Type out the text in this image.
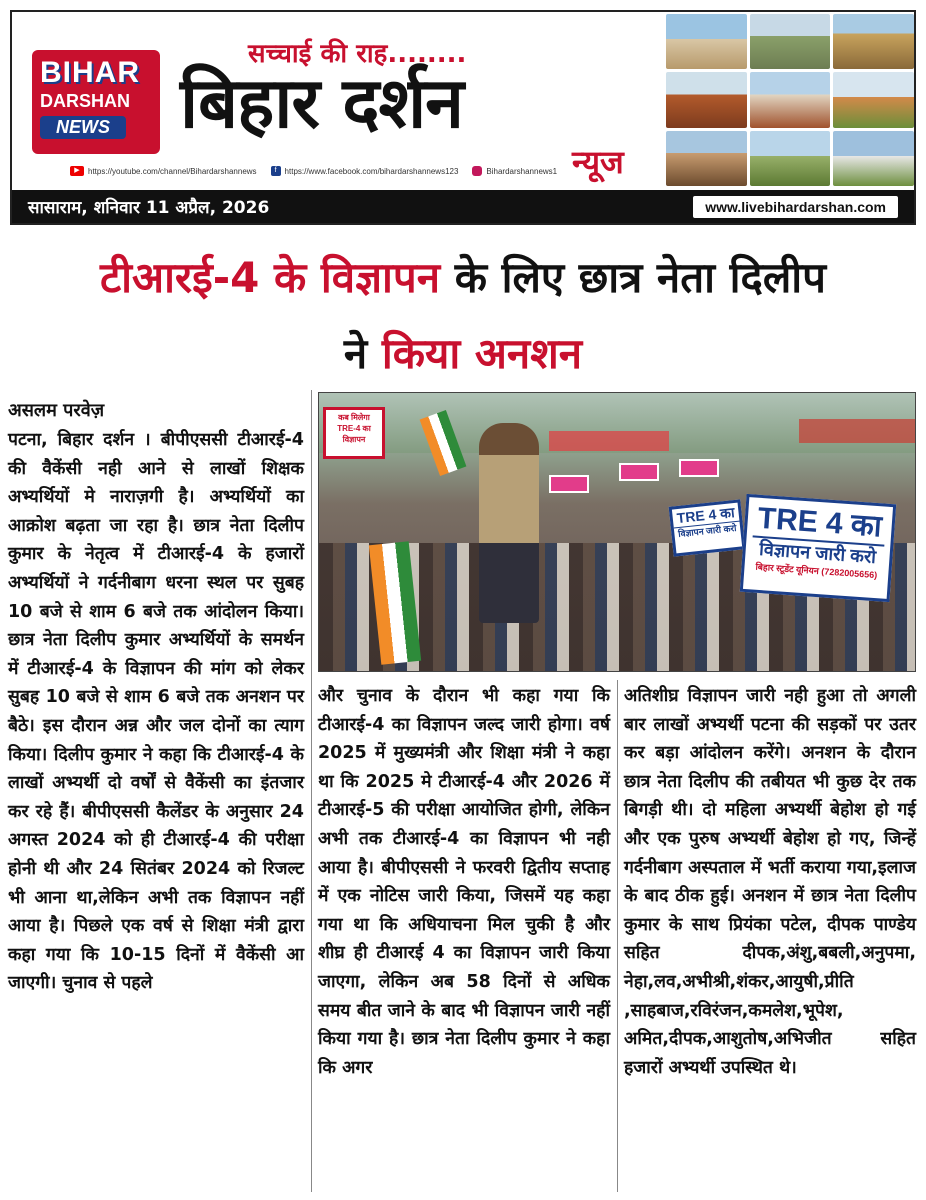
BIHAR
DARSHAN
NEWS
सच्चाई की राह........
बिहार दर्शन
न्यूज
▶	https://youtube.com/channel/Bihardarshannews	f	https://www.facebook.com/bihardarshannews123	Bihardarshannews1
सासाराम, शनिवार 11 अप्रैल, 2026	www.livebihardarshan.com
टीआरई-4 के विज्ञापन के लिए छात्र नेता दिलीप
ने किया अनशन
कब मिलेगा TRE-4 का विज्ञापन
TRE 4 का
विज्ञापन जारी करो TRE 4 का
विज्ञापन जारी करो
बिहार स्टूडेंट यूनियन (7282005656)
असलम परवेज़
पटना, बिहार दर्शन । बीपीएससी टीआरई-4 की वैकेंसी नही आने से लाखों शिक्षक अभ्यर्थियों मे नाराज़गी है। अभ्यर्थियों का आक्रोश बढ़ता जा रहा है। छात्र नेता दिलीप कुमार के नेतृत्व में टीआरई-4 के हजारों अभ्यर्थियों ने गर्दनीबाग धरना स्थल पर सुबह 10 बजे से शाम 6 बजे तक आंदोलन किया। छात्र नेता दिलीप कुमार अभ्यर्थियों के समर्थन में टीआरई-4 के विज्ञापन की मांग को लेकर सुबह 10 बजे से शाम 6 बजे तक अनशन पर बैठे। इस दौरान अन्न और जल दोनों का त्याग किया। दिलीप कुमार ने कहा कि टीआरई-4 के लाखों अभ्यर्थी दो वर्षों से वैकेंसी का इंतजार कर रहे हैं। बीपीएससी कैलेंडर के अनुसार 24 अगस्त 2024 को ही टीआरई-4 की परीक्षा होनी थी और 24 सितंबर 2024 को रिजल्ट भी आना था,लेकिन अभी तक विज्ञापन नहीं आया है। पिछले एक वर्ष से शिक्षा मंत्री द्वारा कहा गया कि 10-15 दिनों में वैकेंसी आ जाएगी। चुनाव से पहले
और चुनाव के दौरान भी कहा गया कि टीआरई-4 का विज्ञापन जल्द जारी होगा। वर्ष 2025 में मुख्यमंत्री और शिक्षा मंत्री ने कहा था कि 2025 मे टीआरई-4 और 2026 में टीआरई-5 की परीक्षा आयोजित होगी, लेकिन अभी तक टीआरई-4 का विज्ञापन भी नही आया है। बीपीएससी ने फरवरी द्वितीय सप्ताह में एक नोटिस जारी किया, जिसमें यह कहा गया था कि अधियाचना मिल चुकी है और शीघ्र ही टीआरई 4 का विज्ञापन जारी किया जाएगा, लेकिन अब 58 दिनों से अधिक समय बीत जाने के बाद भी विज्ञापन जारी नहीं किया गया है। छात्र नेता दिलीप कुमार ने कहा कि अगर
अतिशीघ्र विज्ञापन जारी नही हुआ तो अगली बार लाखों अभ्यर्थी पटना की सड़कों पर उतर कर बड़ा आंदोलन करेंगे। अनशन के दौरान छात्र नेता दिलीप की तबीयत भी कुछ देर तक बिगड़ी थी। दो महिला अभ्यर्थी बेहोश हो गई और एक पुरुष अभ्यर्थी बेहोश हो गए, जिन्हें गर्दनीबाग अस्पताल में भर्ती कराया गया,इलाज के बाद ठीक हुई। अनशन में छात्र नेता दिलीप कुमार के साथ प्रियंका पटेल, दीपक पाण्डेय सहित दीपक,अंशु,बबली,अनुपमा, नेहा,लव,अभीश्री,शंकर,आयुषी,प्रीति ,साहबाज,रविरंजन,कमलेश,भूपेश, अमित,दीपक,आशुतोष,अभिजीत सहित हजारों अभ्यर्थी उपस्थित थे।
